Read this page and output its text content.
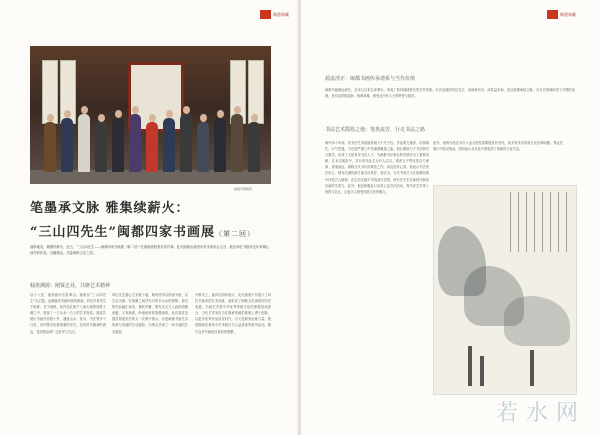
翰墨典藏
画展开幕现场
笔墨承文脉 雅集续薪火：
“三山四先生”闽都四家书画展（第二回）
福厚地灵，翰墨传薪火。近日，“三山四先生——闽都四家书画展（第二回）”在福州画院美术馆开幕。此次画展由福州市美术家协会主办，展出四位书画家近年来精心创作的作品，以飨观众，共鉴闽都文化之美。
翰墨溯源：刚贤志业，共赓艺术精神
以十八世，福州画坛名家辈出。画展以“三山四先生”为主题，追溯福州书画传统的源流。四位作者均生于闽都，长于闽都，其作品扎根于八闽大地的深厚土壤之中，展现了一方山水一方人的艺术特质。展览共展出书画作品数十件，涵盖山水、花鸟、书法等多个门类，其中既有传统笔墨的坚守，也有时代精神的表达，受到观众的广泛好评与关注。
四位先生潜心艺术数十载，始终坚持以传统为根、以生活为源，在笔墨之间抒写对家乡山水的深情。他们的作品融汇南北，兼收并蓄，既有宋元文人画的清雅意趣，又有海派、岭南诸家的笔墨神韵。此次展览是继首届展览后的又一次集中展示，亦是闽都书画艺术传承与发展的生动缩影，为观众呈现了一场丰盛的艺术盛宴。
开幕式上，嘉宾们纷纷表示，此次画展不仅展示了四位书画家的艺术成就，更彰显了闽都文化深厚的历史底蕴。书画艺术是中华优秀传统文化的重要组成部分，当代艺术家应当在继承传统的基础上勇于创新，以更多优秀作品回应时代，为文化繁荣贡献力量。展览期间还将举办学术研讨与公益讲座等系列活动，吸引众多书画爱好者前来观摩。
翰墨典藏
源流清正：闽都书画传承谱系与当代价值
闽都书画源远流长，自宋元以来名家辈出，形成了独具地域特色的艺术传统。本次参展的四位先生，或师承有自，或转益多师，皆以笔墨承续文脉，在各自领域取得了可观的成就，其作品风格清新、格调高雅，深受业内外人士的赞誉与推崇。
书法艺术摇篮之地：笔墨流芳，行走书法之路
闽中四十年间，其书法艺术根植传统又不失个性。作品笔力遒劲，结体端庄，行气贯通，于法度严谨之中见潇洒飘逸之姿。他长期致力于书法研究与教学，培养了大批青年书法人才，为闽都书法事业的发展作出了重要贡献。在本次展览中，其行草作品尤为引人注目，观者无不赞叹其功力深厚、意境高远，堪称当代书坛的典范之作。谈及创作心得，他表示书法贵在用心，唯有沉潜传统方能自出机杼。他认为，当代书家应当在临摹经典中体悟古人精神，在生活实践中寻找创作灵感，使书法艺术在新时代焕发出新的生命力。此外，他还积极参与各类公益书法活动，将书法艺术带入校园与社区，让更多人感受传统文化的魅力。
此外，他的作品还多次入选全国性重要展览并获奖，被多家美术馆和文化机构收藏。观众在展厅中驻足细品，纷纷表示从作品中感受到了浓郁的文化气息。
若水网
